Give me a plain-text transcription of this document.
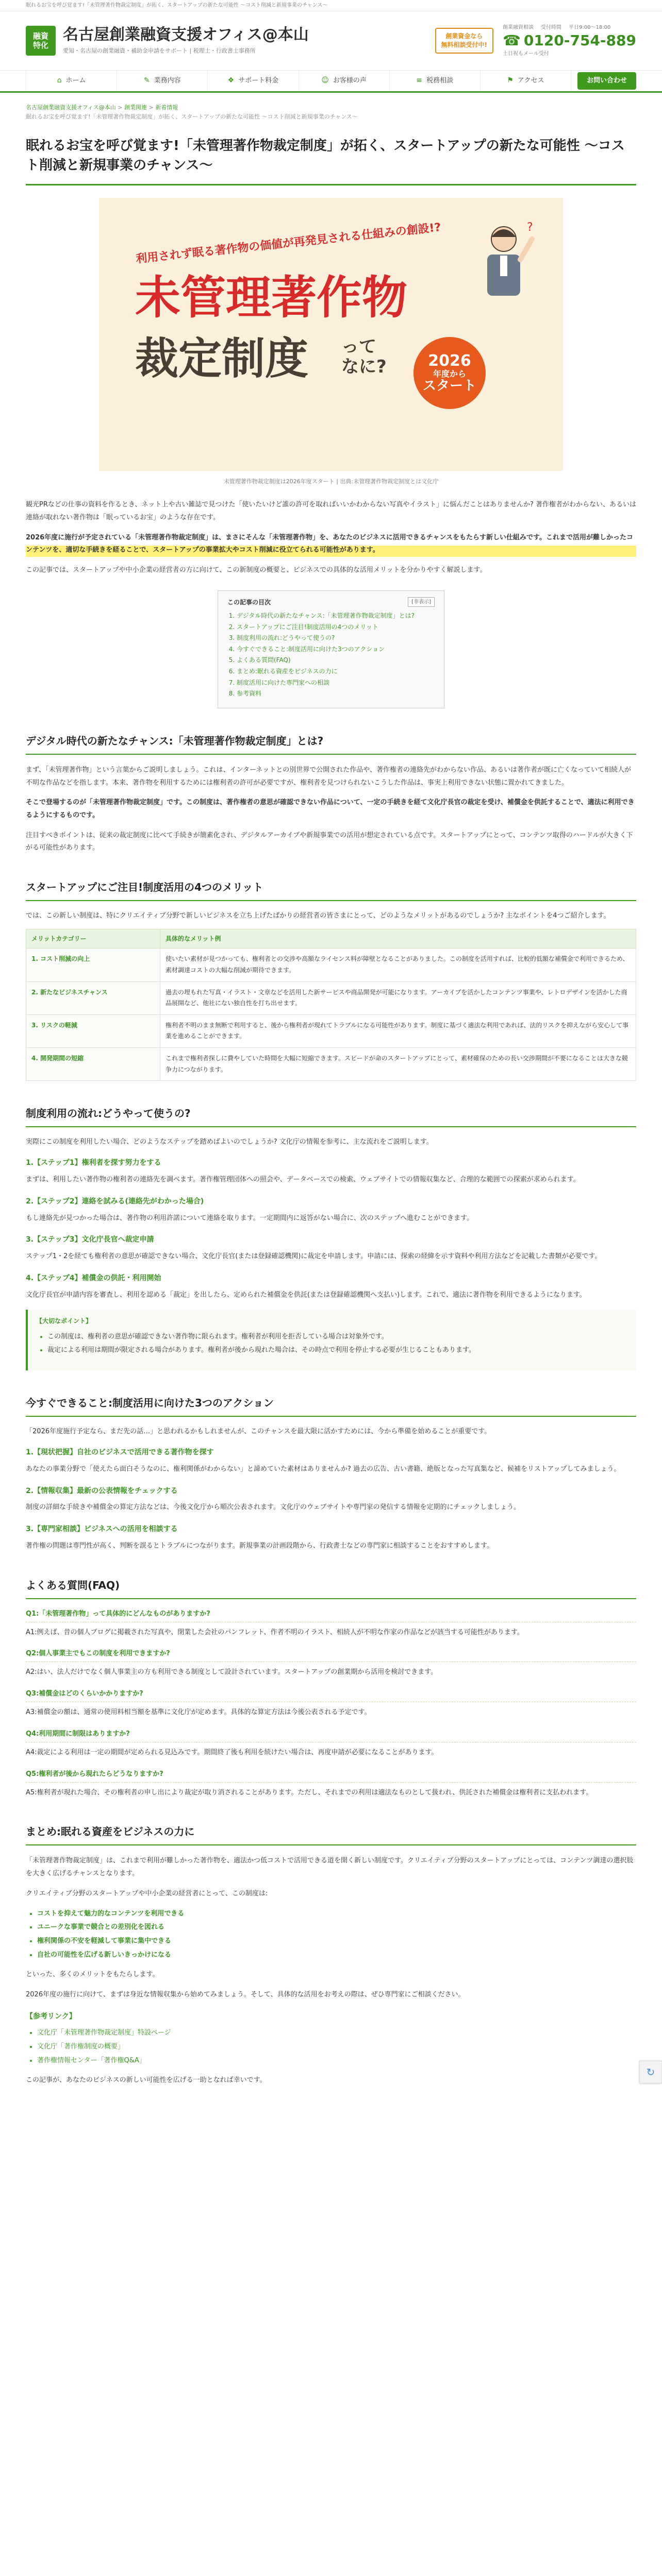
眠れるお宝を呼び覚ます!「未管理著作物裁定制度」が拓く、スタートアップの新たな可能性 〜コスト削減と新規事業のチャンス〜
融資
特化
名古屋創業融資支援オフィス@本山
愛知・名古屋の創業融資・補助金申請をサポート | 税理士・行政書士事務所
創業資金なら
無料相談受付中!
創業融資相談 受付時間 平日9:00〜18:00
☎ 0120-754-889
土日祝もメール受付
⌂ ホーム	✎ 業務内容	❖ サポート料金	☺ お客様の声	≡ 税務相談	⚑ アクセス	お問い合わせ
名古屋創業融資支援オフィス@本山 > 創業関連 > 新着情報
眠れるお宝を呼び覚ます!「未管理著作物裁定制度」が拓く、スタートアップの新たな可能性 〜コスト削減と新規事業のチャンス〜
眠れるお宝を呼び覚ます!「未管理著作物裁定制度」が拓く、スタートアップの新たな可能性 〜コスト削減と新規事業のチャンス〜
利用されず眠る著作物の価値が再発見される仕組みの創設!?
未管理著作物
裁定制度 って
なに?	2026
年度から
スタート
?
未管理著作物裁定制度は2026年度スタート | 出典:未管理著作物裁定制度とは文化庁

観光PRなどの仕事の資料を作るとき、ネット上や古い雑誌で見つけた「使いたいけど誰の許可を取ればいいかわからない写真やイラスト」に悩んだことはありませんか? 著作権者がわからない、あるいは連絡が取れない著作物は「眠っているお宝」のような存在です。

2026年度に施行が予定されている「未管理著作物裁定制度」は、まさにそんな「未管理著作物」を、あなたのビジネスに活用できるチャンスをもたらす新しい仕組みです。これまで活用が難しかったコンテンツを、適切な手続きを経ることで、スタートアップの事業拡大やコスト削減に役立てられる可能性があります。

この記事では、スタートアップや中小企業の経営者の方に向けて、この新制度の概要と、ビジネスでの具体的な活用メリットを分かりやすく解説します。

この記事の目次	[非表示]
1. デジタル時代の新たなチャンス:「未管理著作物裁定制度」とは?
2. スタートアップにご注目!制度活用の4つのメリット
3. 制度利用の流れ:どうやって使うの?
4. 今すぐできること:制度活用に向けた3つのアクション
5. よくある質問(FAQ)
6. まとめ:眠れる資産をビジネスの力に
7. 制度活用に向けた専門家への相談
8. 参考資料
デジタル時代の新たなチャンス:「未管理著作物裁定制度」とは?

まず、「未管理著作物」という言葉からご説明しましょう。これは、インターネットとの別世界で公開された作品や、著作権者の連絡先がわからない作品、あるいは著作者が既に亡くなっていて相続人が不明な作品などを指します。本来、著作物を利用するためには権利者の許可が必要ですが、権利者を見つけられないこうした作品は、事実上利用できない状態に置かれてきました。

そこで登場するのが「未管理著作物裁定制度」です。この制度は、著作権者の意思が確認できない作品について、一定の手続きを経て文化庁長官の裁定を受け、補償金を供託することで、適法に利用できるようにするものです。

注目すべきポイントは、従来の裁定制度に比べて手続きが簡素化され、デジタルアーカイブや新規事業での活用が想定されている点です。スタートアップにとって、コンテンツ取得のハードルが大きく下がる可能性があります。

スタートアップにご注目!制度活用の4つのメリット

では、この新しい制度は、特にクリエイティブ分野で新しいビジネスを立ち上げたばかりの経営者の皆さまにとって、どのようなメリットがあるのでしょうか? 主なポイントを4つご紹介します。

メリットカテゴリー	具体的なメリット例
1. コスト削減の向上	使いたい素材が見つかっても、権利者との交渉や高額なライセンス料が障壁となることがありました。この制度を活用すれば、比較的低額な補償金で利用できるため、素材調達コストの大幅な削減が期待できます。
2. 新たなビジネスチャンス	過去の埋もれた写真・イラスト・文章などを活用した新サービスや商品開発が可能になります。アーカイブを活かしたコンテンツ事業や、レトロデザインを活かした商品展開など、他社にない独自性を打ち出せます。
3. リスクの軽減	権利者不明のまま無断で利用すると、後から権利者が現れてトラブルになる可能性があります。制度に基づく適法な利用であれば、法的リスクを抑えながら安心して事業を進めることができます。
4. 開発期間の短縮	これまで権利者探しに費やしていた時間を大幅に短縮できます。スピードが命のスタートアップにとって、素材確保のための長い交渉期間が不要になることは大きな競争力につながります。
制度利用の流れ:どうやって使うの?

実際にこの制度を利用したい場合、どのようなステップを踏めばよいのでしょうか? 文化庁の情報を参考に、主な流れをご説明します。

1.【ステップ1】権利者を探す努力をする

まずは、利用したい著作物の権利者の連絡先を調べます。著作権管理団体への照会や、データベースでの検索、ウェブサイトでの情報収集など、合理的な範囲での探索が求められます。

2.【ステップ2】連絡を試みる(連絡先がわかった場合)

もし連絡先が見つかった場合は、著作物の利用許諾について連絡を取ります。一定期間内に返答がない場合に、次のステップへ進むことができます。

3.【ステップ3】文化庁長官へ裁定申請

ステップ1・2を経ても権利者の意思が確認できない場合、文化庁長官(または登録確認機関)に裁定を申請します。申請には、探索の経緯を示す資料や利用方法などを記載した書類が必要です。

4.【ステップ4】補償金の供託・利用開始

文化庁長官が申請内容を審査し、利用を認める「裁定」を出したら、定められた補償金を供託(または登録確認機関へ支払い)します。これで、適法に著作物を利用できるようになります。

【大切なポイント】
• この制度は、権利者の意思が確認できない著作物に限られます。権利者が利用を拒否している場合は対象外です。
• 裁定による利用は期間が限定される場合があります。権利者が後から現れた場合は、その時点で利用を停止する必要が生じることもあります。
今すぐできること:制度活用に向けた3つのアクション

「2026年度施行予定なら、まだ先の話…」と思われるかもしれませんが、このチャンスを最大限に活かすためには、今から準備を始めることが重要です。

1.【現状把握】自社のビジネスで活用できる著作物を探す

あなたの事業分野で「使えたら面白そうなのに、権利関係がわからない」と諦めていた素材はありませんか? 過去の広告、古い書籍、絶版となった写真集など、候補をリストアップしてみましょう。

2.【情報収集】最新の公表情報をチェックする

制度の詳細な手続きや補償金の算定方法などは、今後文化庁から順次公表されます。文化庁のウェブサイトや専門家の発信する情報を定期的にチェックしましょう。

3.【専門家相談】ビジネスへの活用を相談する

著作権の問題は専門性が高く、判断を誤るとトラブルにつながります。新規事業の計画段階から、行政書士などの専門家に相談することをおすすめします。

よくある質問(FAQ)
Q1:「未管理著作物」って具体的にどんなものがありますか?
A1:例えば、昔の個人ブログに掲載された写真や、閉業した会社のパンフレット、作者不明のイラスト、相続人が不明な作家の作品などが該当する可能性があります。
Q2:個人事業主でもこの制度を利用できますか?
A2:はい、法人だけでなく個人事業主の方も利用できる制度として設計されています。スタートアップの創業期から活用を検討できます。
Q3:補償金はどのくらいかかりますか?
A3:補償金の額は、通常の使用料相当額を基準に文化庁が定めます。具体的な算定方法は今後公表される予定です。
Q4:利用期間に制限はありますか?
A4:裁定による利用は一定の期間が定められる見込みです。期間終了後も利用を続けたい場合は、再度申請が必要になることがあります。
Q5:権利者が後から現れたらどうなりますか?
A5:権利者が現れた場合、その権利者の申し出により裁定が取り消されることがあります。ただし、それまでの利用は適法なものとして扱われ、供託された補償金は権利者に支払われます。
まとめ:眠れる資産をビジネスの力に

「未管理著作物裁定制度」は、これまで利用が難しかった著作物を、適法かつ低コストで活用できる道を開く新しい制度です。クリエイティブ分野のスタートアップにとっては、コンテンツ調達の選択肢を大きく広げるチャンスとなります。

クリエイティブ分野のスタートアップや中小企業の経営者にとって、この制度は:

• コストを抑えて魅力的なコンテンツを利用できる
• ユニークな事業で競合との差別化を図れる
• 権利関係の不安を軽減して事業に集中できる
• 自社の可能性を広げる新しいきっかけになる

といった、多くのメリットをもたらします。

2026年度の施行に向けて、まずは身近な情報収集から始めてみましょう。そして、具体的な活用をお考えの際は、ぜひ専門家にご相談ください。

【参考リンク】
• 文化庁「未管理著作物裁定制度」特設ページ
• 文化庁「著作権制度の概要」
• 著作権情報センター「著作権Q&A」

この記事が、あなたのビジネスの新しい可能性を広げる一助となれば幸いです。

↻
